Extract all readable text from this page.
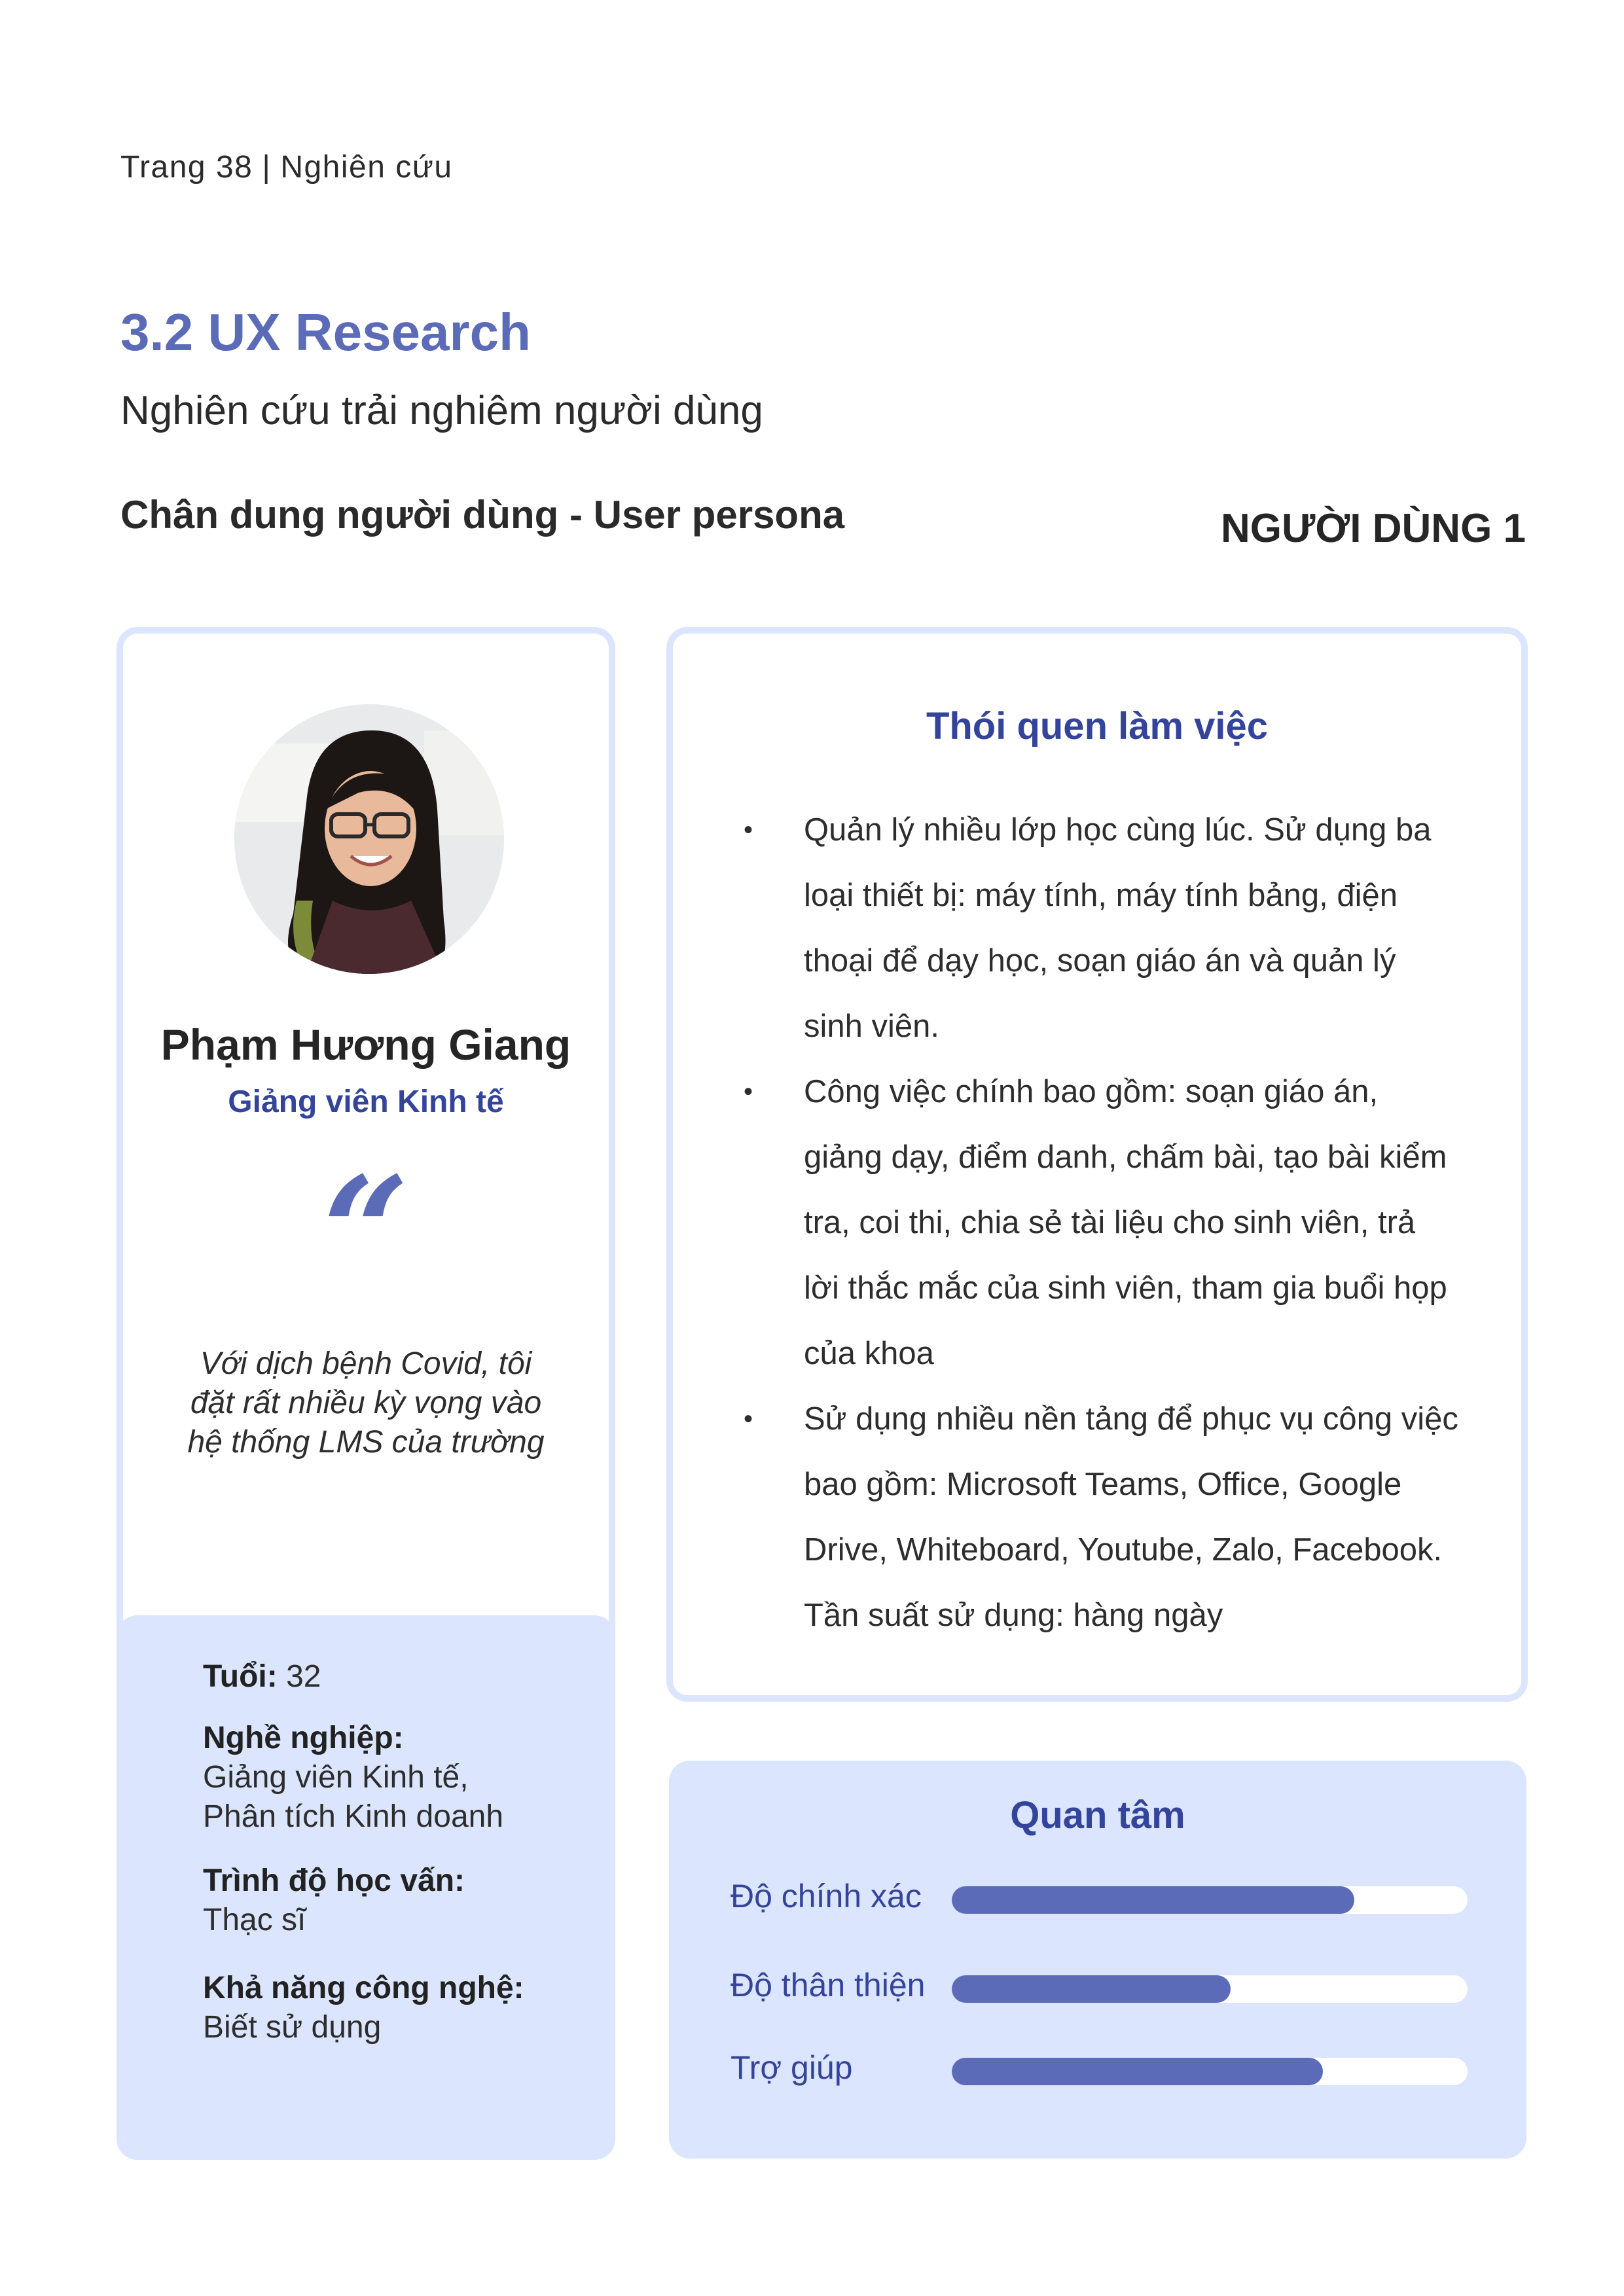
Trang 38 | Nghiên cứu
3.2 UX Research
Nghiên cứu trải nghiêm người dùng
Chân dung người dùng - User persona	NGƯỜI DÙNG 1
Phạm Hương Giang
Giảng viên Kinh tế
“
Với dịch bệnh Covid, tôi đặt rất nhiều kỳ vọng vào hệ thống LMS của trường
Tuổi: 32
Nghề nghiệp:
Giảng viên Kinh tế,
Phân tích Kinh doanh
Trình độ học vấn:
Thạc sĩ
Khả năng công nghệ:
Biết sử dụng
Thói quen làm việc
• Quản lý nhiều lớp học cùng lúc. Sử dụng ba loại thiết bị: máy tính, máy tính bảng, điện thoại để dạy học, soạn giáo án và quản lý sinh viên.
• Công việc chính bao gồm: soạn giáo án, giảng dạy, điểm danh, chấm bài, tạo bài kiểm tra, coi thi, chia sẻ tài liệu cho sinh viên, trả lời thắc mắc của sinh viên, tham gia buổi họp của khoa
• Sử dụng nhiều nền tảng để phục vụ công việc bao gồm: Microsoft Teams, Office, Google Drive, Whiteboard, Youtube, Zalo, Facebook. Tần suất sử dụng: hàng ngày
Quan tâm
Độ chính xác
Độ thân thiện
Trợ giúp
